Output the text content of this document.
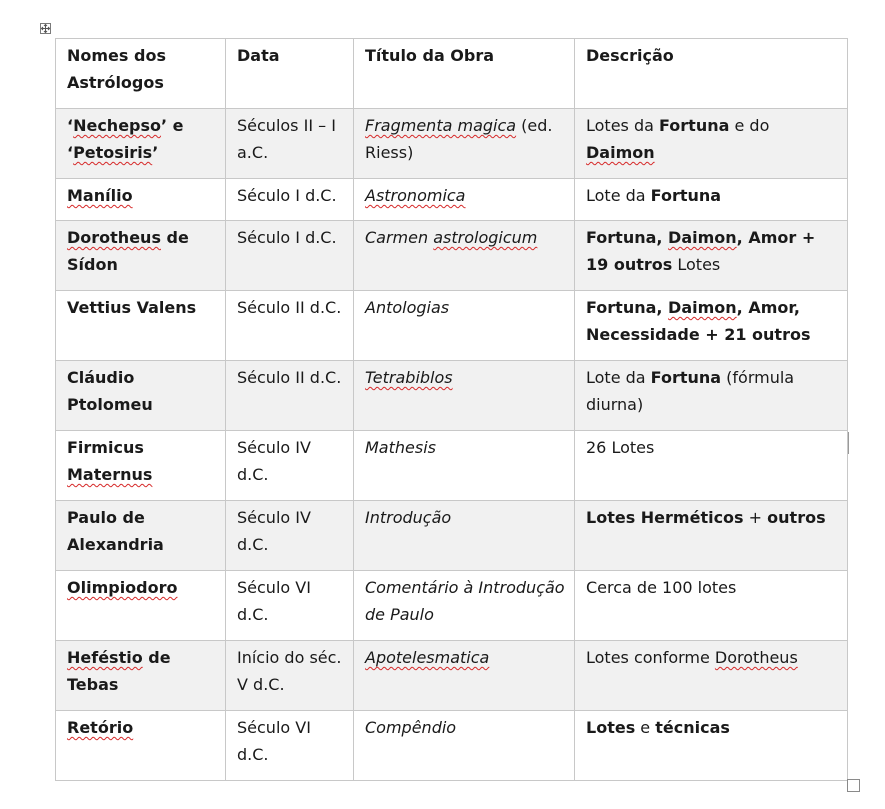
Nomes dos Astrólogos	Data	Título da Obra	Descrição
‘Nechepso’ e ‘Petosiris’	Séculos II – I a.C.	Fragmenta magica (ed. Riess)	Lotes da Fortuna e do Daimon
Manílio	Século I d.C.	Astronomica	Lote da Fortuna
Dorotheus de Sídon	Século I d.C.	Carmen astrologicum	Fortuna, Daimon, Amor + 19 outros Lotes
Vettius Valens	Século II d.C.	Antologias	Fortuna, Daimon, Amor, Necessidade + 21 outros
Cláudio Ptolomeu	Século II d.C.	Tetrabiblos	Lote da Fortuna (fórmula diurna)
Firmicus Maternus	Século IV d.C.	Mathesis	26 Lotes
Paulo de Alexandria	Século IV d.C.	Introdução	Lotes Herméticos + outros
Olimpiodoro	Século VI d.C.	Comentário à Introdução de Paulo	Cerca de 100 lotes
Heféstio de Tebas	Início do séc. V d.C.	Apotelesmatica	Lotes conforme Dorotheus
Retório	Século VI d.C.	Compêndio	Lotes e técnicas
